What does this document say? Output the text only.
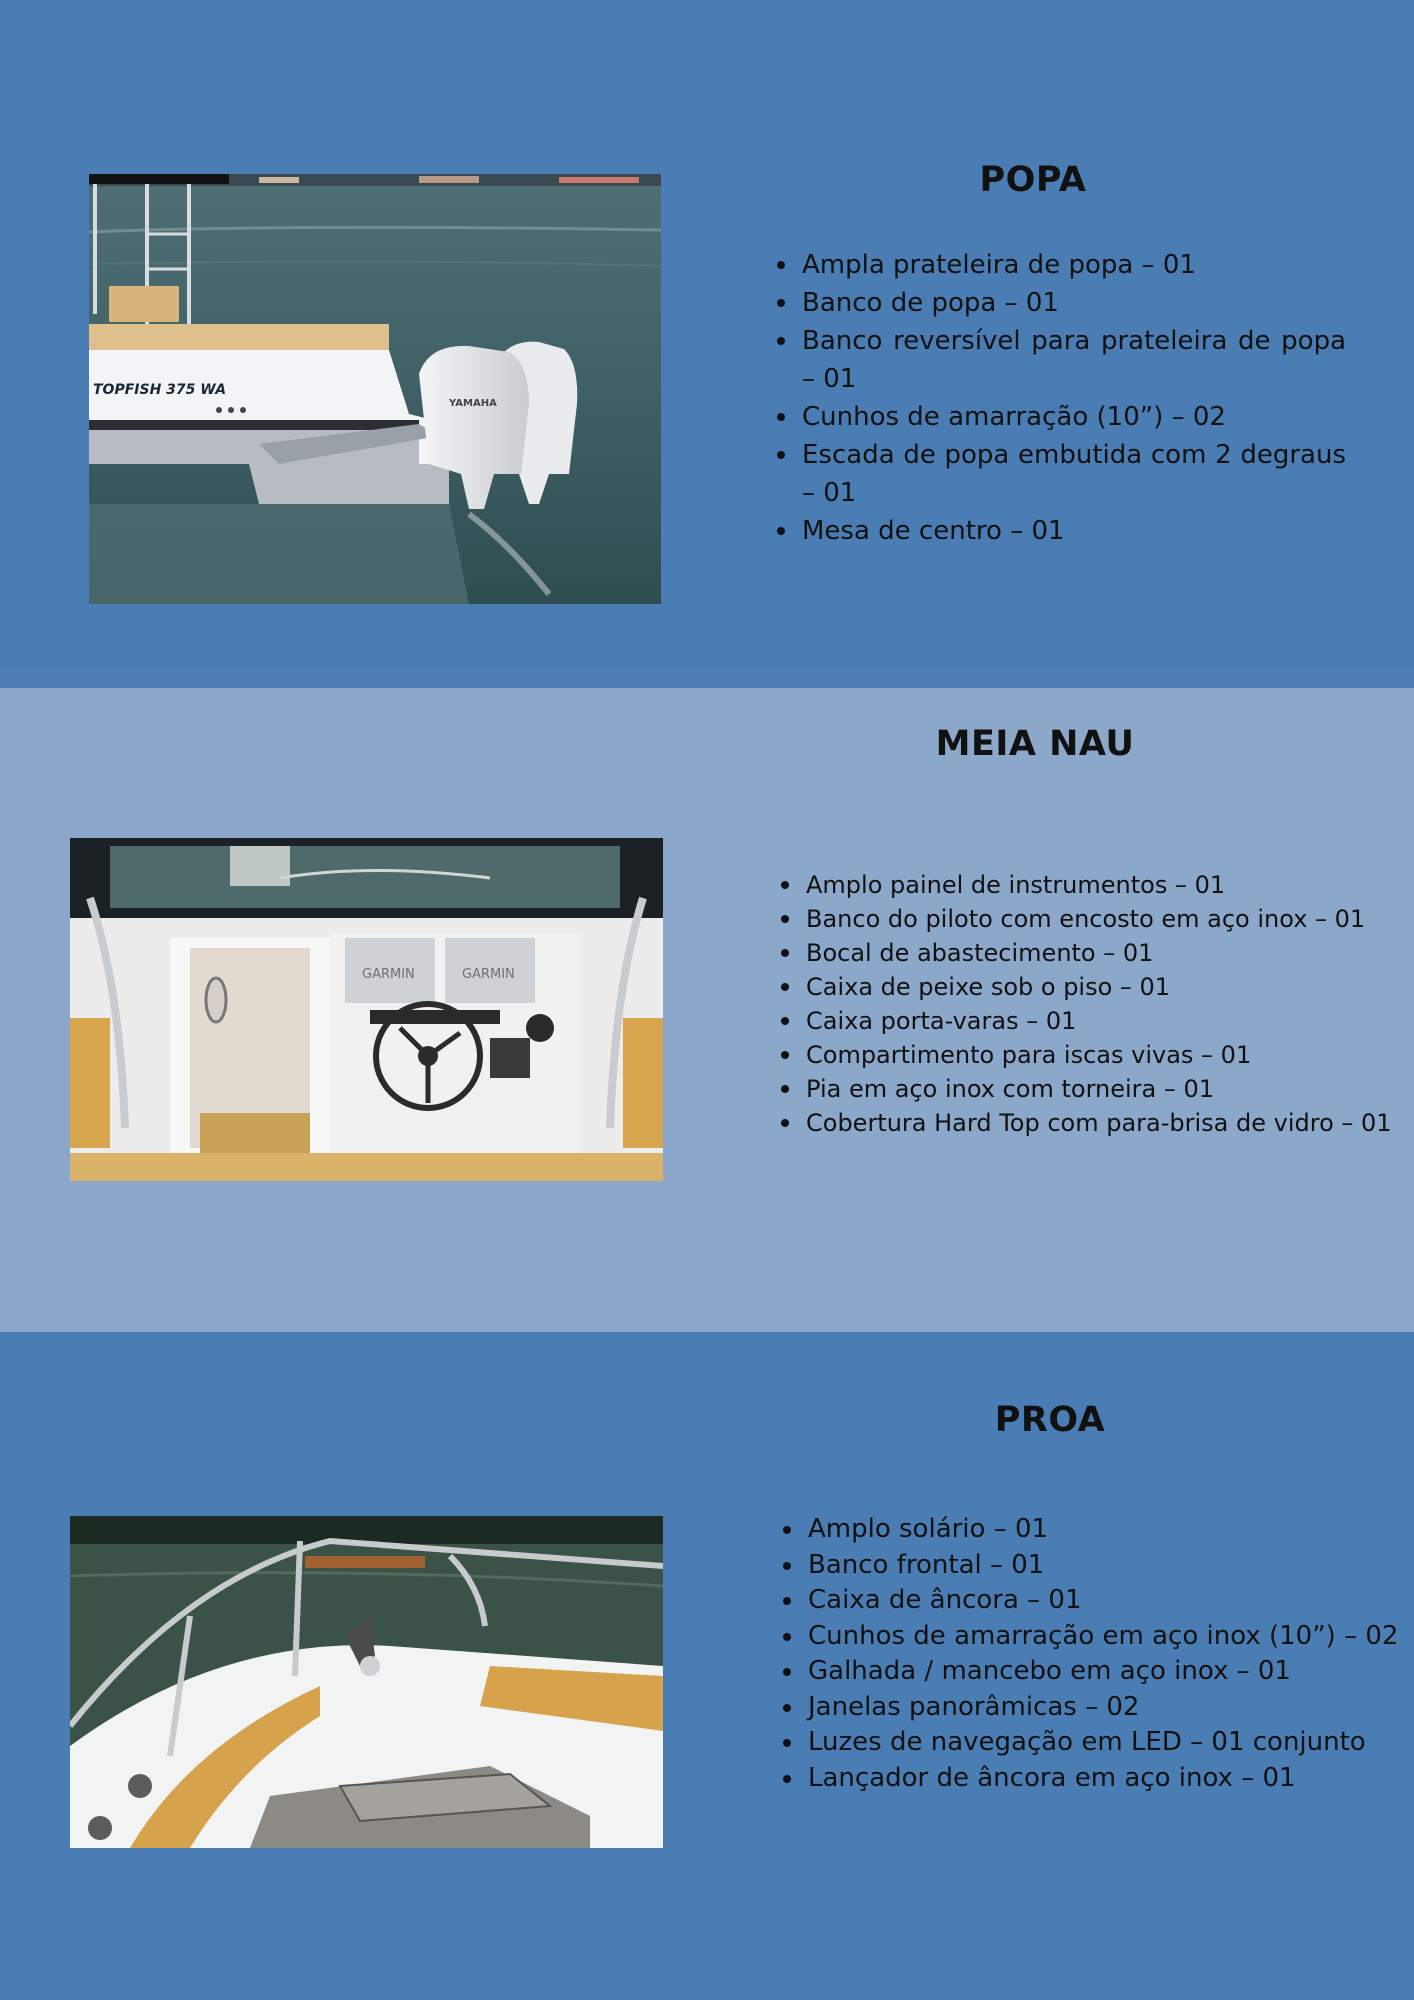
TOPFISH 375 WA
YAMAHA
POPA
Ampla prateleira de popa – 01
Banco de popa – 01
Banco reversível para prateleira de popa – 01
Cunhos de amarração (10”) – 02
Escada de popa embutida com 2 degraus – 01
Mesa de centro – 01
MEIA NAU
GARMIN	GARMIN
Amplo painel de instrumentos – 01
Banco do piloto com encosto em aço inox – 01
Bocal de abastecimento – 01
Caixa de peixe sob o piso – 01
Caixa porta-varas – 01
Compartimento para iscas vivas – 01
Pia em aço inox com torneira – 01
Cobertura Hard Top com para-brisa de vidro – 01
PROA
Amplo solário – 01
Banco frontal – 01
Caixa de âncora – 01
Cunhos de amarração em aço inox (10”) – 02
Galhada / mancebo em aço inox – 01
Janelas panorâmicas – 02
Luzes de navegação em LED – 01 conjunto
Lançador de âncora em aço inox – 01
